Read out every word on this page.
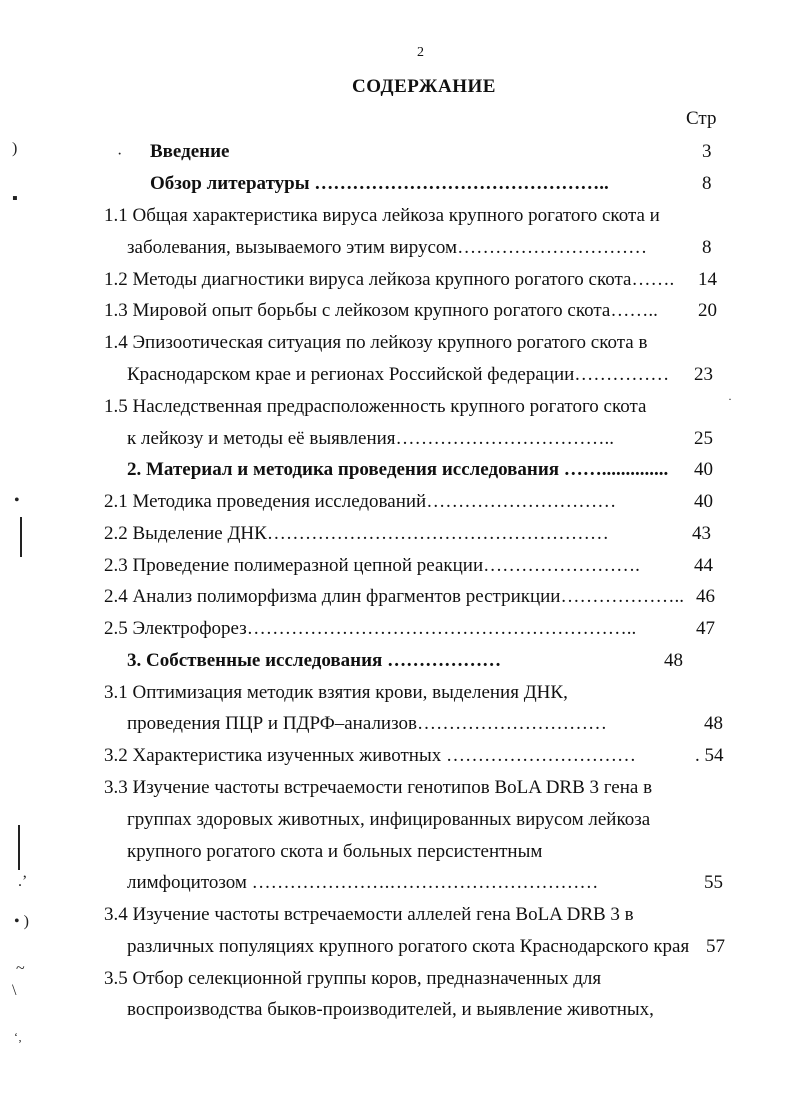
2
СОДЕРЖАНИЕ
Стр
· Введение	3
Обзор литературы ………………………………………..	8
1.1 Общая характеристика вируса лейкоза крупного рогатого скота и
заболевания, вызываемого этим вирусом…………………………	8
1.2 Методы диагностики вируса лейкоза крупного рогатого скота……. 14
1.3 Мировой опыт борьбы с лейкозом крупного рогатого скота…….. 20
1.4 Эпизоотическая ситуация по лейкозу крупного рогатого скота в
Краснодарском крае и регионах Российской федерации…………… 23
1.5 Наследственная предрасположенность крупного рогатого скота
к лейкозу и методы её выявления……………………………..	25
2. Материал и методика проведения исследования …….............. 40
2.1 Методика проведения исследований…………………………	40
2.2 Выделение ДНК………………………………………………	43
2.3 Проведение полимеразной цепной реакции…………………….	44
2.4 Анализ полиморфизма длин фрагментов рестрикции……………….. 46
2.5 Электрофорез……………………………………………………..	47
3. Собственные исследования ………………	48
3.1 Оптимизация методик взятия крови, выделения ДНК,
проведения ПЦР и ПДРФ–анализов…………………………	48
3.2 Характеристика изученных животных …………………………	. 54
3.3 Изучение частоты встречаемости генотипов BoLA DRB 3 гена в
группах здоровых животных, инфицированных вирусом лейкоза
крупного рогатого скота и больных персистентным
лимфоцитозом ………………….……………………………	55
3.4 Изучение частоты встречаемости аллелей гена BoLA DRB 3 в
различных популяциях крупного рогатого скота Краснодарского края 57
3.5 Отбор селекционной группы коров, предназначенных для
воспроизводства быков-производителей, и выявление животных,
)
▪
•
.’
• )
~
\
‘‚
·
